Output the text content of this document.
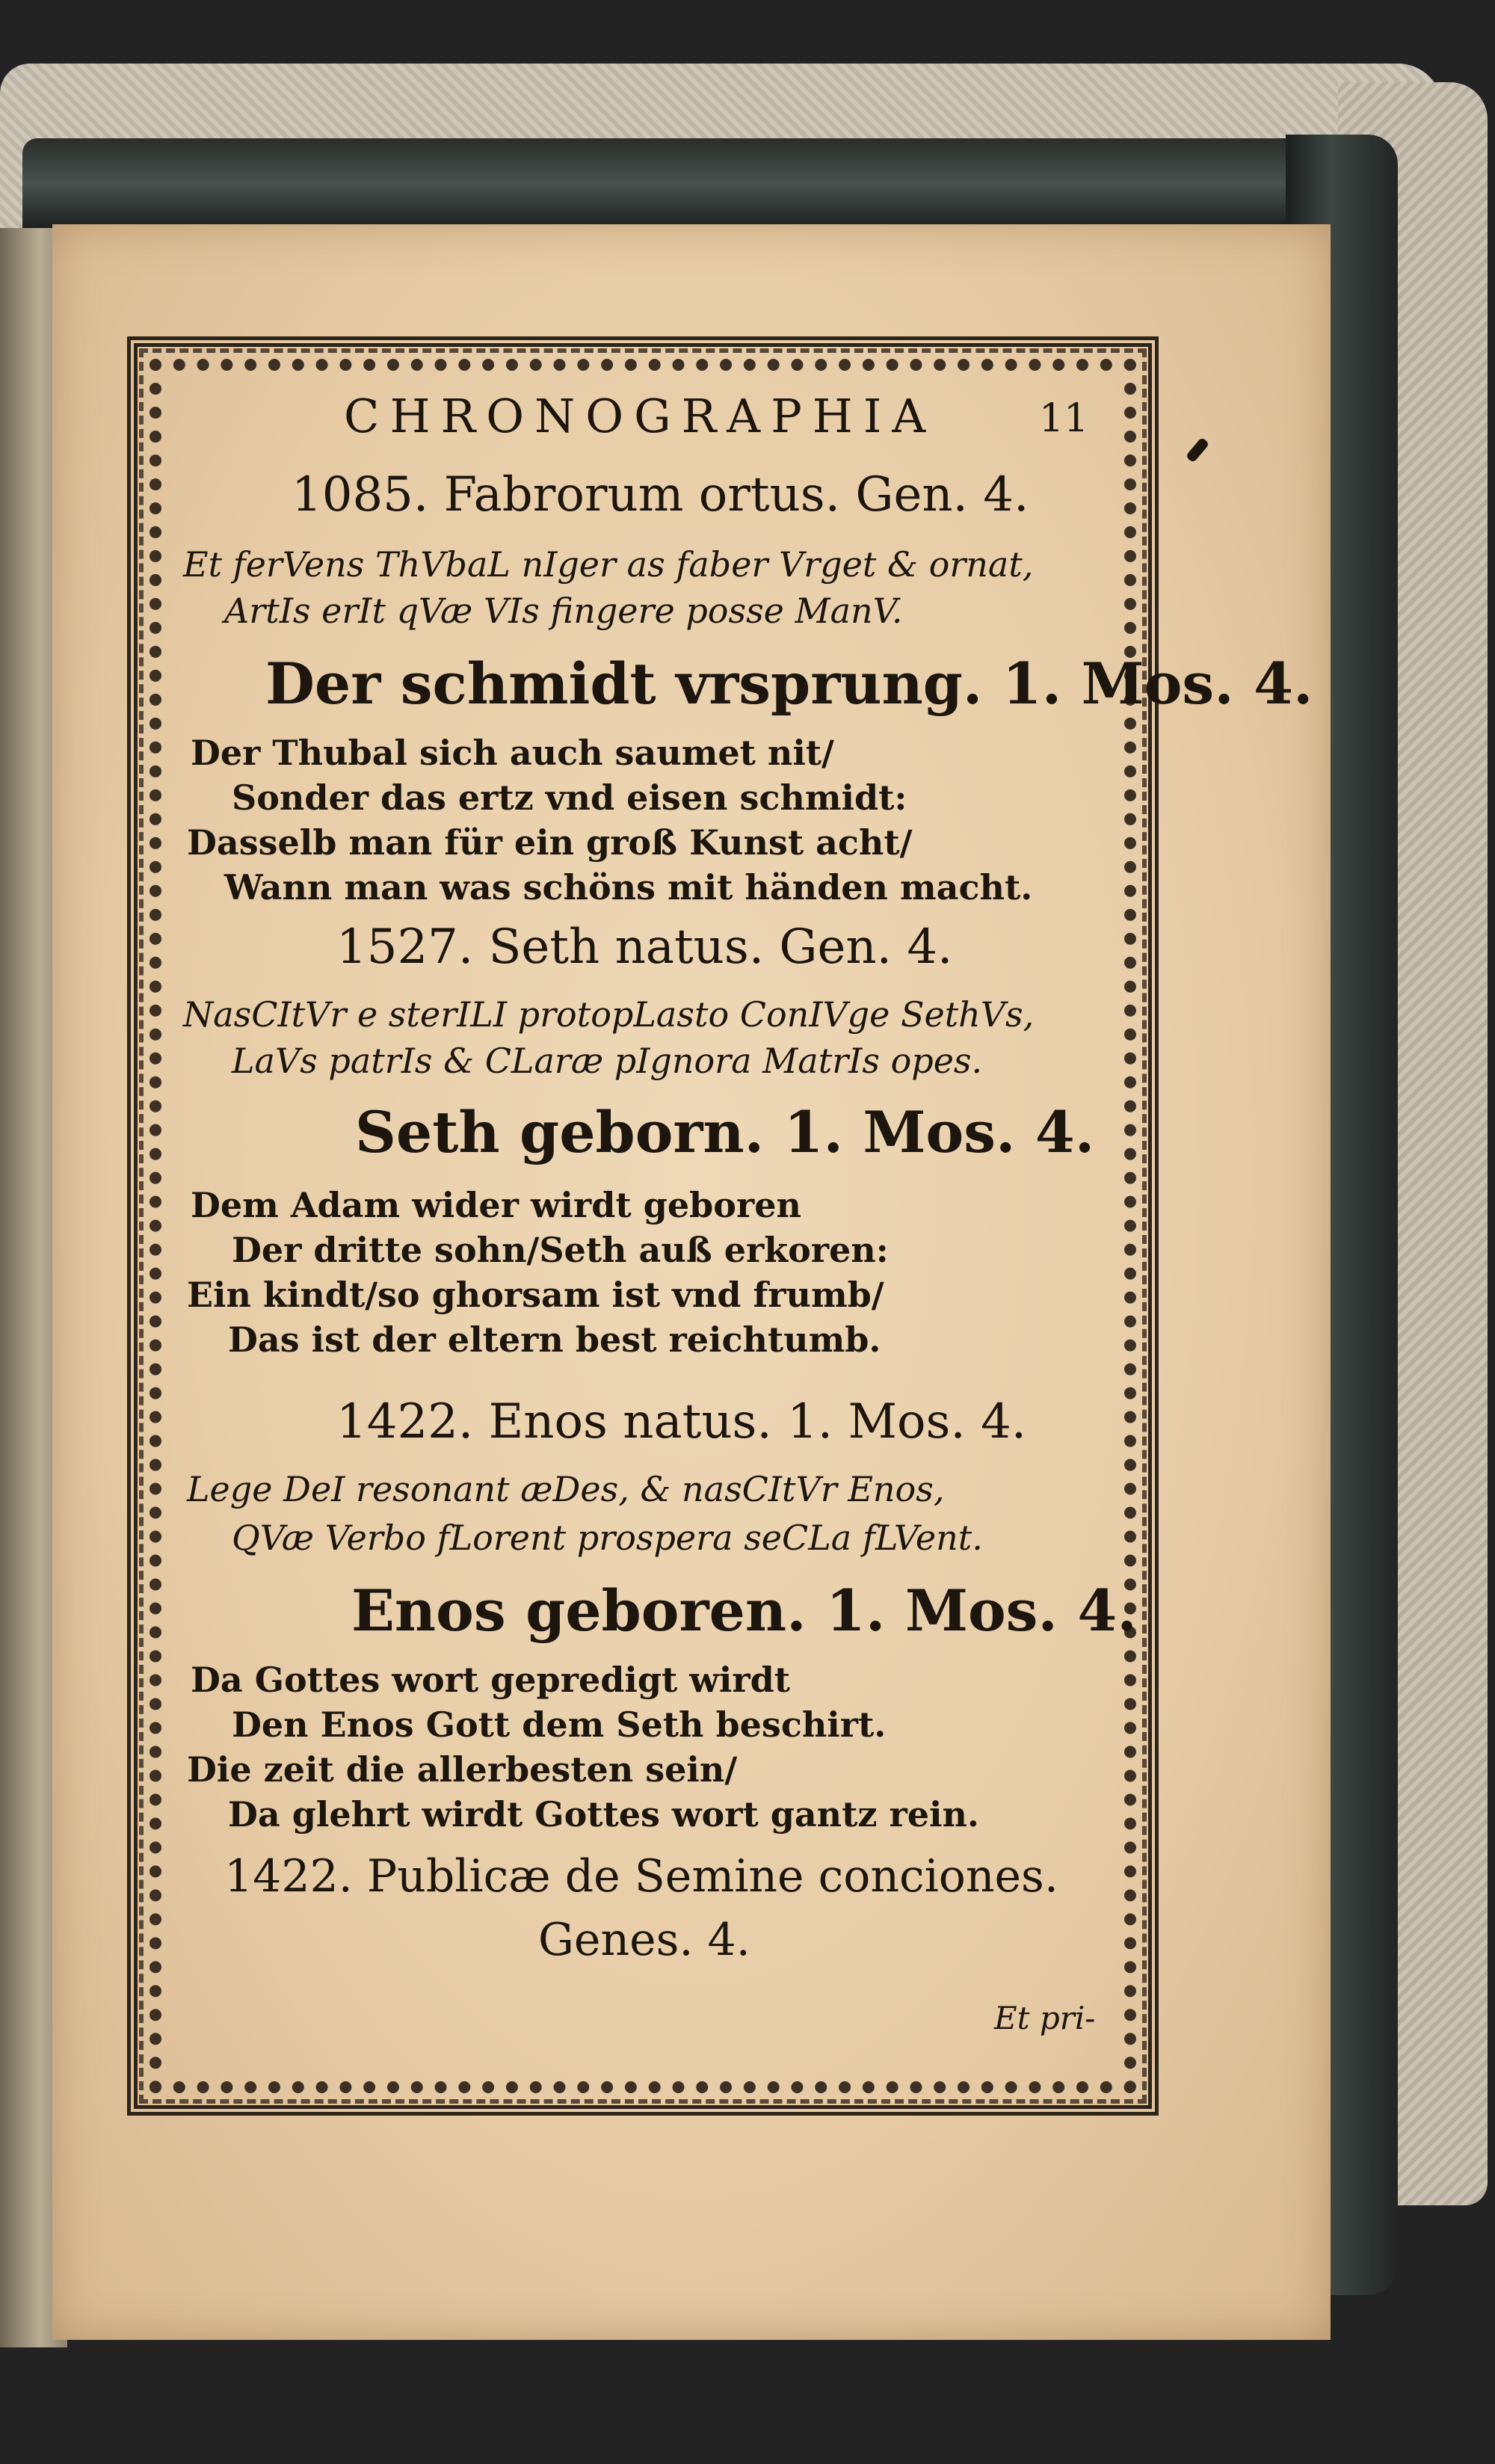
CHRONOGRAPHIA	11
1085. Fabrorum ortus. Gen. 4.
Et ferVens ThVbaL nIger as faber Vrget & ornat,
ArtIs erIt qVæ VIs fingere posse ManV.
Der schmidt vrsprung. 1. Mos. 4.
Der Thubal sich auch saumet nit/
Sonder das ertz vnd eisen schmidt:
Dasselb man für ein groß Kunst acht/
Wann man was schöns mit händen macht.
1527. Seth natus. Gen. 4.
NasCItVr e sterILI protopLasto ConIVge SethVs,
LaVs patrIs & CLaræ pIgnora MatrIs opes.
Seth geborn. 1. Mos. 4.
Dem Adam wider wirdt geboren
Der dritte sohn/Seth auß erkoren:
Ein kindt/so ghorsam ist vnd frumb/
Das ist der eltern best reichtumb.
1422. Enos natus. 1. Mos. 4.
Lege DeI resonant æDes, & nasCItVr Enos,
QVæ Verbo fLorent prospera seCLa fLVent.
Enos geboren. 1. Mos. 4.
Da Gottes wort gepredigt wirdt
Den Enos Gott dem Seth beschirt.
Die zeit die allerbesten sein/
Da glehrt wirdt Gottes wort gantz rein.
1422. Publicæ de Semine conciones.
Genes. 4.
Et pri-
